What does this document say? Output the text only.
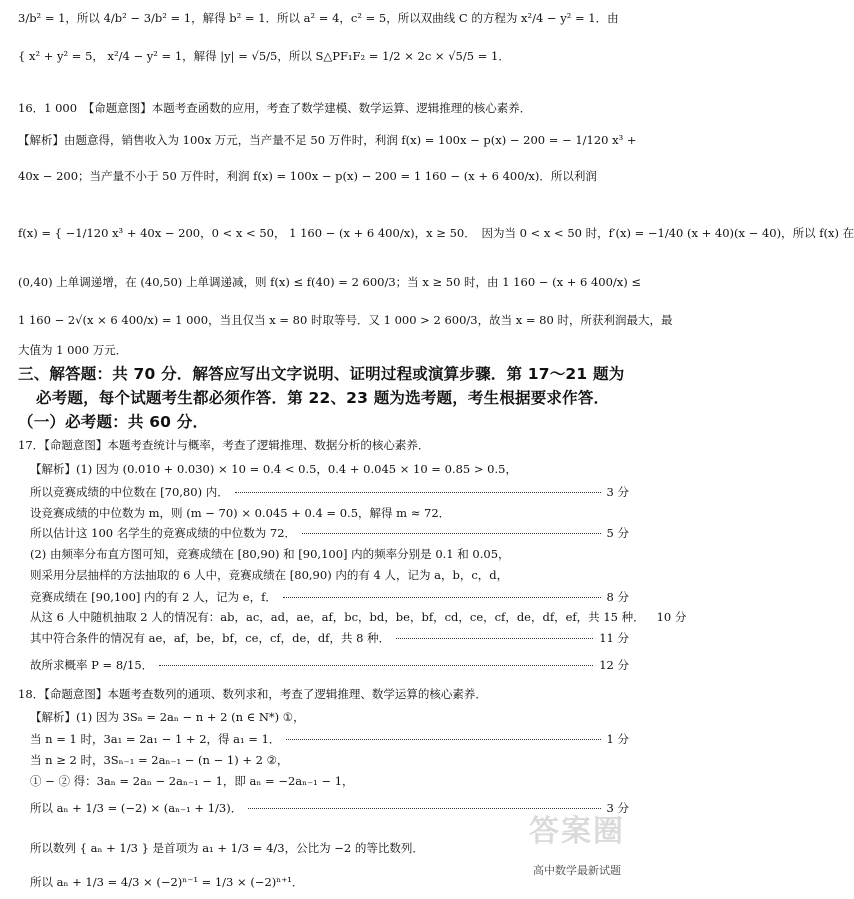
3/b² = 1，所以 4/b² − 3/b² = 1，解得 b² = 1．所以 a² = 4，c² = 5，所以双曲线 C 的方程为 x²/4 − y² = 1．由
{ x² + y² = 5， x²/4 − y² = 1，解得 |y| = √5/5，所以 S△PF₁F₂ = 1/2 × 2c × √5/5 = 1．
16．1 000　【命题意图】本题考查函数的应用，考查了数学建模、数学运算、逻辑推理的核心素养．
【解析】由题意得，销售收入为 100x 万元，当产量不足 50 万件时，利润 f(x) = 100x − p(x) − 200 = − 1/120 x³ +
40x − 200；当产量不小于 50 万件时，利润 f(x) = 100x − p(x) − 200 = 1 160 − (x + 6 400/x)．所以利润
f(x) = { −1/120 x³ + 40x − 200，0 < x < 50， 1 160 − (x + 6 400/x)，x ≥ 50．　因为当 0 < x < 50 时，f′(x) = −1/40 (x + 40)(x − 40)，所以 f(x) 在
(0,40) 上单调递增，在 (40,50) 上单调递减，则 f(x) ≤ f(40) = 2 600/3；当 x ≥ 50 时，由 1 160 − (x + 6 400/x) ≤
1 160 − 2√(x × 6 400/x) = 1 000，当且仅当 x = 80 时取等号．又 1 000 > 2 600/3，故当 x = 80 时，所获利润最大，最
大值为 1 000 万元．
三、解答题：共 70 分．解答应写出文字说明、证明过程或演算步骤．第 17～21 题为
必考题，每个试题考生都必须作答．第 22、23 题为选考题，考生根据要求作答．
（一）必考题：共 60 分．
17．【命题意图】本题考查统计与概率，考查了逻辑推理、数据分析的核心素养．
【解析】(1) 因为 (0.010 + 0.030) × 10 = 0.4 < 0.5，0.4 + 0.045 × 10 = 0.85 > 0.5，
所以竞赛成绩的中位数在 [70,80) 内．	3 分
设竞赛成绩的中位数为 m，则 (m − 70) × 0.045 + 0.4 = 0.5，解得 m ≈ 72．
所以估计这 100 名学生的竞赛成绩的中位数为 72．	5 分
(2) 由频率分布直方图可知，竞赛成绩在 [80,90) 和 [90,100] 内的频率分别是 0.1 和 0.05，
则采用分层抽样的方法抽取的 6 人中，竞赛成绩在 [80,90) 内的有 4 人，记为 a，b，c，d，
竞赛成绩在 [90,100] 内的有 2 人，记为 e，f．	8 分
从这 6 人中随机抽取 2 人的情况有：ab，ac，ad，ae，af，bc，bd，be，bf，cd，ce，cf，de，df，ef，共 15 种． 10 分
其中符合条件的情况有 ae，af，be，bf，ce，cf，de，df，共 8 种．	11 分
故所求概率 P = 8/15．	12 分
18．【命题意图】本题考查数列的通项、数列求和，考查了逻辑推理、数学运算的核心素养．
【解析】(1) 因为 3Sₙ = 2aₙ − n + 2 (n ∈ N*) ①，
当 n = 1 时，3a₁ = 2a₁ − 1 + 2，得 a₁ = 1．	1 分
当 n ≥ 2 时，3Sₙ₋₁ = 2aₙ₋₁ − (n − 1) + 2 ②，
① − ② 得：3aₙ = 2aₙ − 2aₙ₋₁ − 1，即 aₙ = −2aₙ₋₁ − 1，
所以 aₙ + 1/3 = (−2) × (aₙ₋₁ + 1/3)．	3 分
所以数列 { aₙ + 1/3 } 是首项为 a₁ + 1/3 = 4/3，公比为 −2 的等比数列．
所以 aₙ + 1/3 = 4/3 × (−2)ⁿ⁻¹ = 1/3 × (−2)ⁿ⁺¹．
答案圈
高中数学最新试题
